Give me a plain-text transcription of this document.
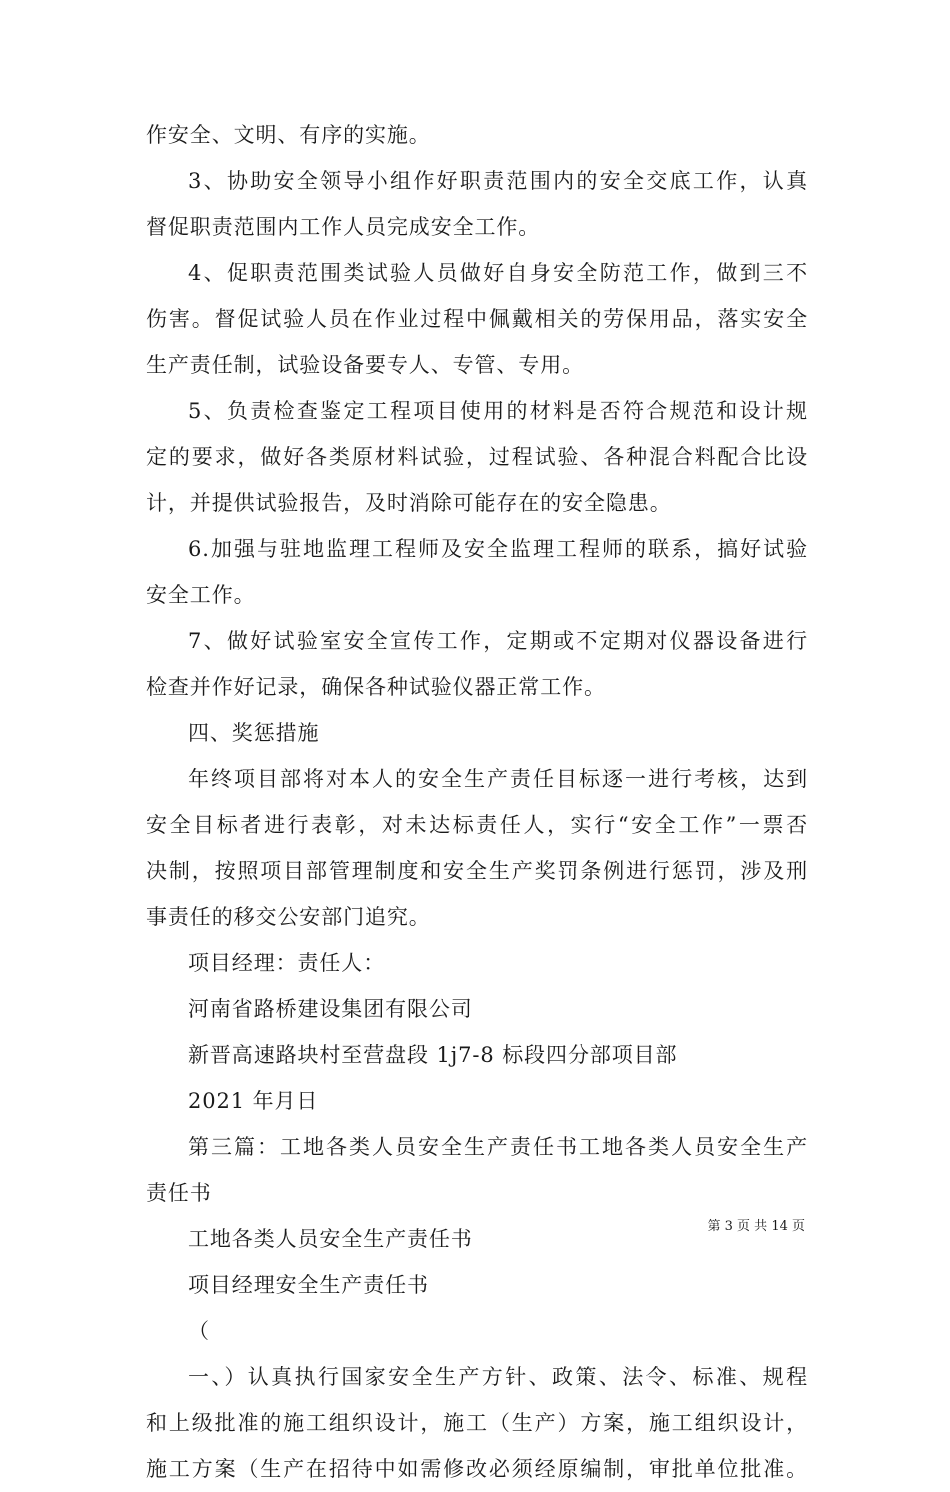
作安全、文明、有序的实施。
3、协助安全领导小组作好职责范围内的安全交底工作，认真
督促职责范围内工作人员完成安全工作。
4、促职责范围类试验人员做好自身安全防范工作，做到三不
伤害。督促试验人员在作业过程中佩戴相关的劳保用品，落实安全
生产责任制，试验设备要专人、专管、专用。
5、负责检查鉴定工程项目使用的材料是否符合规范和设计规
定的要求，做好各类原材料试验，过程试验、各种混合料配合比设
计，并提供试验报告，及时消除可能存在的安全隐患。
6.加强与驻地监理工程师及安全监理工程师的联系，搞好试验
安全工作。
7、做好试验室安全宣传工作，定期或不定期对仪器设备进行
检查并作好记录，确保各种试验仪器正常工作。
四、奖惩措施
年终项目部将对本人的安全生产责任目标逐一进行考核，达到
安全目标者进行表彰，对未达标责任人，实行“安全工作”一票否
决制，按照项目部管理制度和安全生产奖罚条例进行惩罚，涉及刑
事责任的移交公安部门追究。
项目经理：责任人：
河南省路桥建设集团有限公司
新晋高速路块村至营盘段 1j7-8 标段四分部项目部
2021 年月日
第三篇：工地各类人员安全生产责任书工地各类人员安全生产
责任书
工地各类人员安全生产责任书
项目经理安全生产责任书
（
一、）认真执行国家安全生产方针、政策、法令、标准、规程
和上级批准的施工组织设计，施工（生产）方案，施工组织设计，
施工方案（生产在招待中如需修改必须经原编制，审批单位批准。
第 3 页 共 14 页
